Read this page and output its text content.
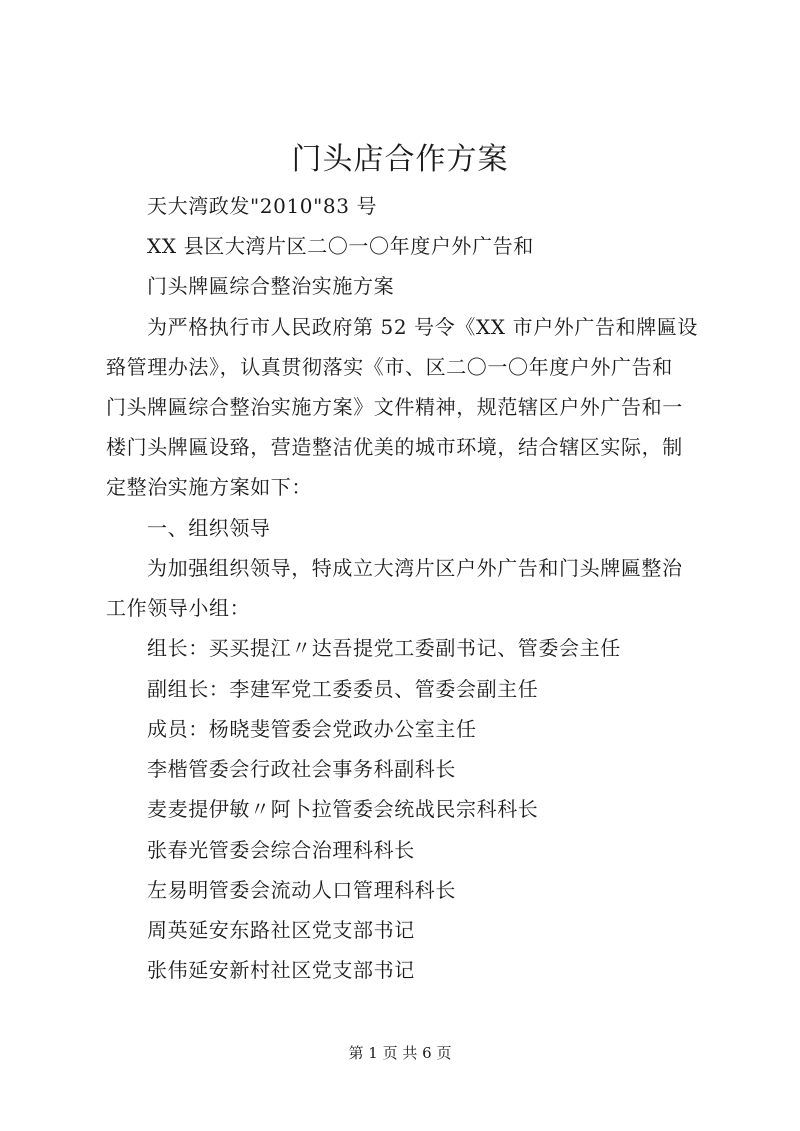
门头店合作方案
天大湾政发"2010"83 号
XX 县区大湾片区二〇一〇年度户外广告和
门头牌匾综合整治实施方案
为严格执行市人民政府第 52 号令《XX 市户外广告和牌匾设
臵管理办法》，认真贯彻落实《市、区二〇一〇年度户外广告和
门头牌匾综合整治实施方案》文件精神，规范辖区户外广告和一
楼门头牌匾设臵，营造整洁优美的城市环境，结合辖区实际，制
定整治实施方案如下：
一、组织领导
为加强组织领导，特成立大湾片区户外广告和门头牌匾整治
工作领导小组：
组长：买买提江〃达吾提党工委副书记、管委会主任
副组长：李建军党工委委员、管委会副主任
成员：杨晓斐管委会党政办公室主任
李楷管委会行政社会事务科副科长
麦麦提伊敏〃阿卜拉管委会统战民宗科科长
张春光管委会综合治理科科长
左易明管委会流动人口管理科科长
周英延安东路社区党支部书记
张伟延安新村社区党支部书记
第 1 页 共 6 页
